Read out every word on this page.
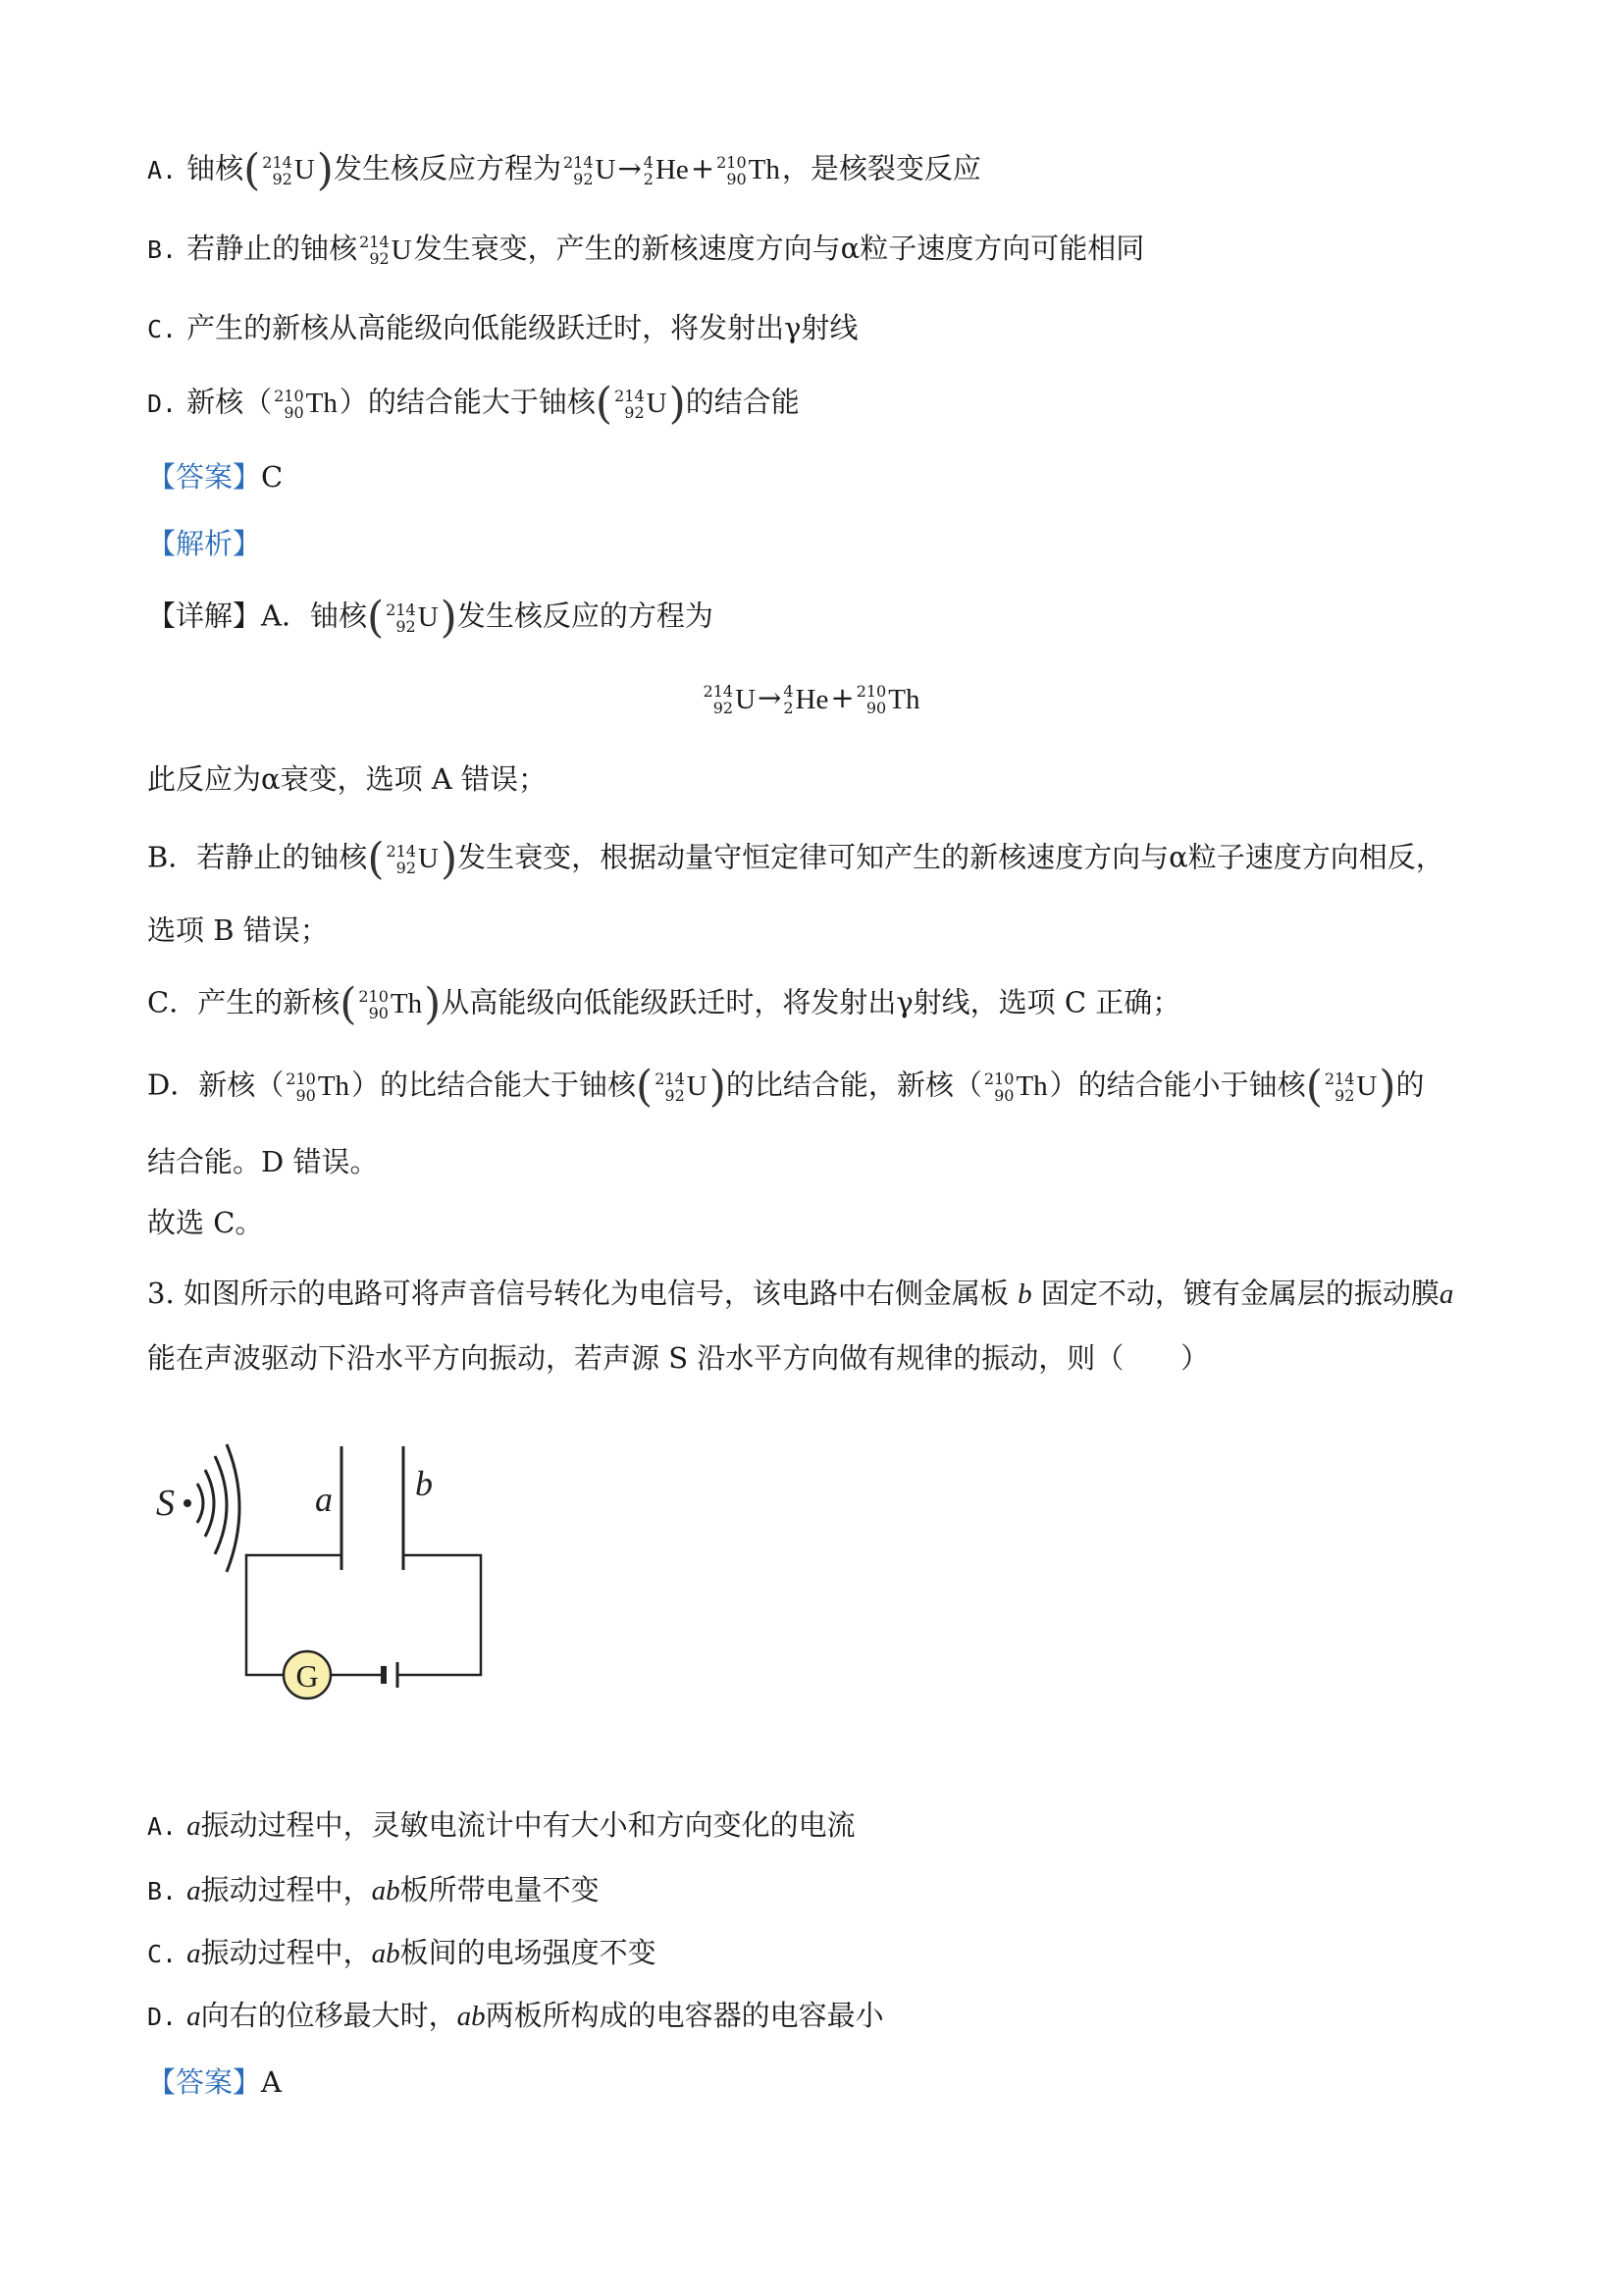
A. 铀核( 214
92 U )发生核反应方程为 214
92 U → 4
2 He + 210
90 Th ，是核裂变反应
B. 若静止的铀核 214
92 U 发生衰变，产生的新核速度方向与α粒子速度方向可能相同
C. 产生的新核从高能级向低能级跃迁时，将发射出γ射线
D. 新核（ 210
90 Th ）的结合能大于铀核( 214
92 U )的结合能
【答案】C
【解析】
【详解】A．铀核( 214
92 U )发生核反应的方程为
214
92 U → 4
2 He + 210
90 Th
此反应为α衰变，选项 A 错误；
B．若静止的铀核( 214
92 U )发生衰变，根据动量守恒定律可知产生的新核速度方向与α粒子速度方向相反，
选项 B 错误；
C．产生的新核( 210
90 Th )从高能级向低能级跃迁时，将发射出γ射线，选项 C 正确；
D．新核（ 210
90 Th ）的比结合能大于铀核( 214
92 U )的比结合能，新核（ 210
90 Th ）的结合能小于铀核( 214
92 U )的
结合能。D 错误。
故选 C。
3. 如图所示的电路可将声音信号转化为电信号，该电路中右侧金属板 b 固定不动，镀有金属层的振动膜a
能在声波驱动下沿水平方向振动，若声源 S 沿水平方向做有规律的振动，则（　　）
S	a b
G
A. a振动过程中，灵敏电流计中有大小和方向变化的电流
B. a振动过程中，ab板所带电量不变
C. a振动过程中，ab板间的电场强度不变
D. a向右的位移最大时，ab两板所构成的电容器的电容最小
【答案】A
